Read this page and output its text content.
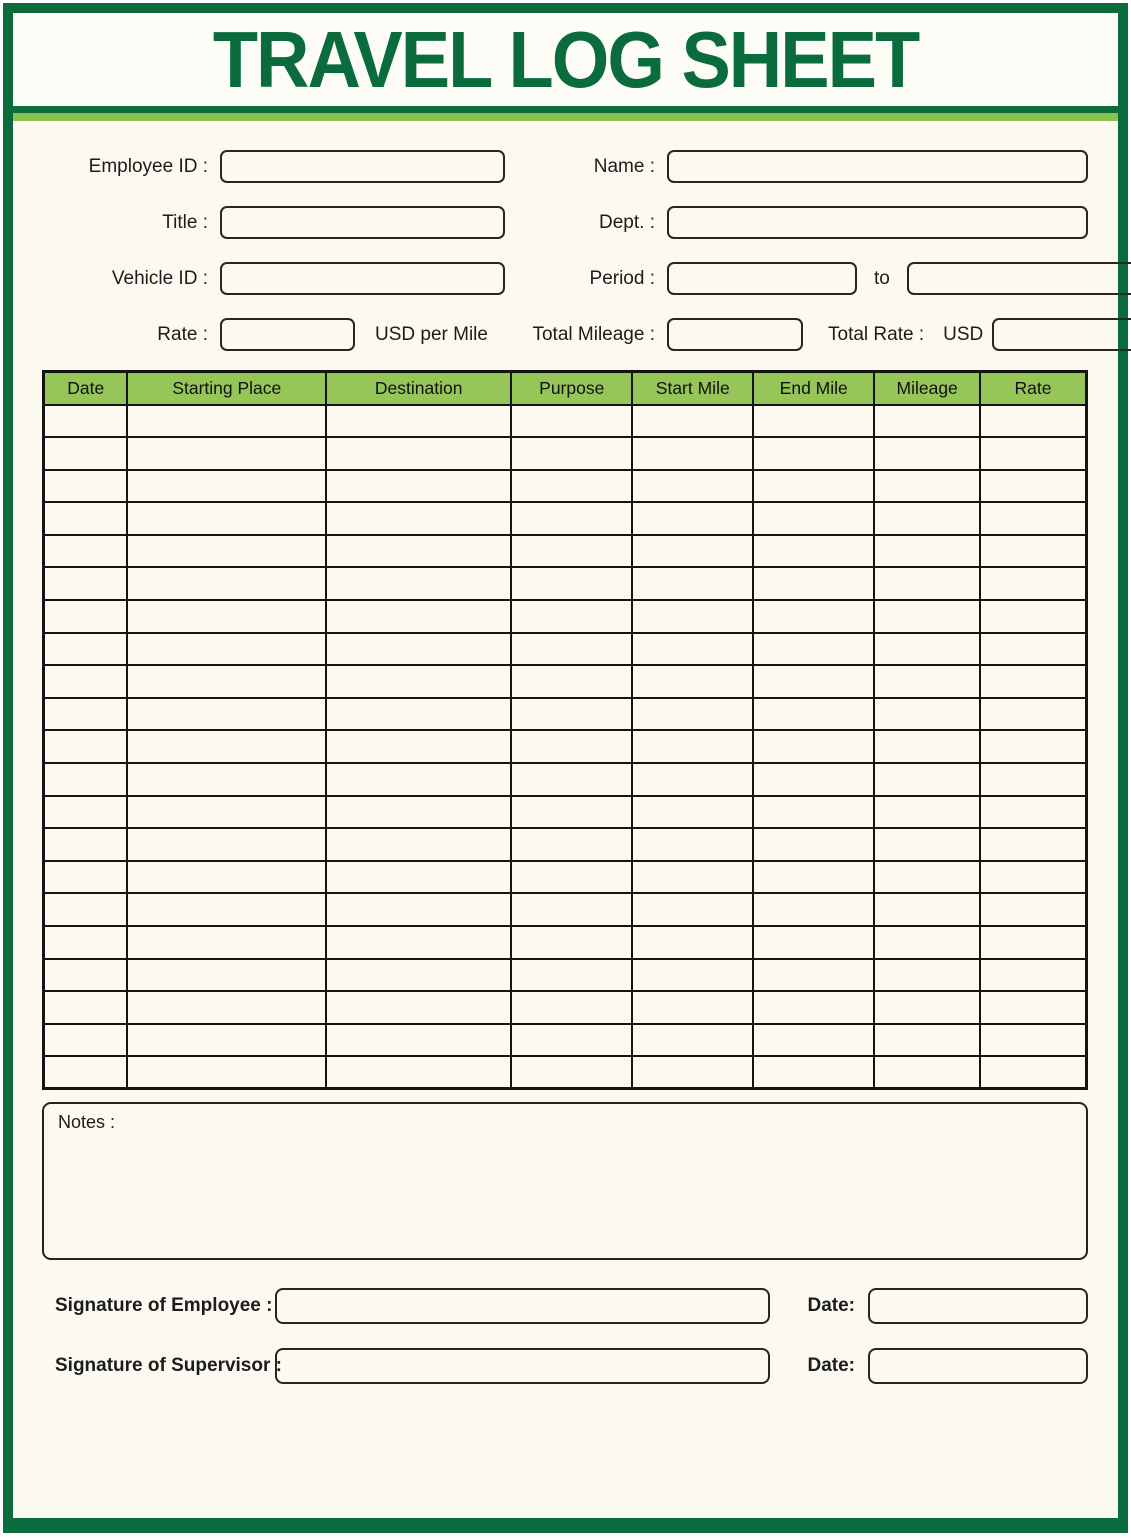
TRAVEL LOG SHEET
Employee ID :	Name :
Title :	Dept. :
Vehicle ID :	Period :	to
Rate :	USD per Mile	Total Mileage :	Total Rate : USD
Date	Starting Place	Destination	Purpose	Start Mile	End Mile	Mileage	Rate

Notes :
Signature of Employee :	Date:
Signature of Supervisor :	Date:
